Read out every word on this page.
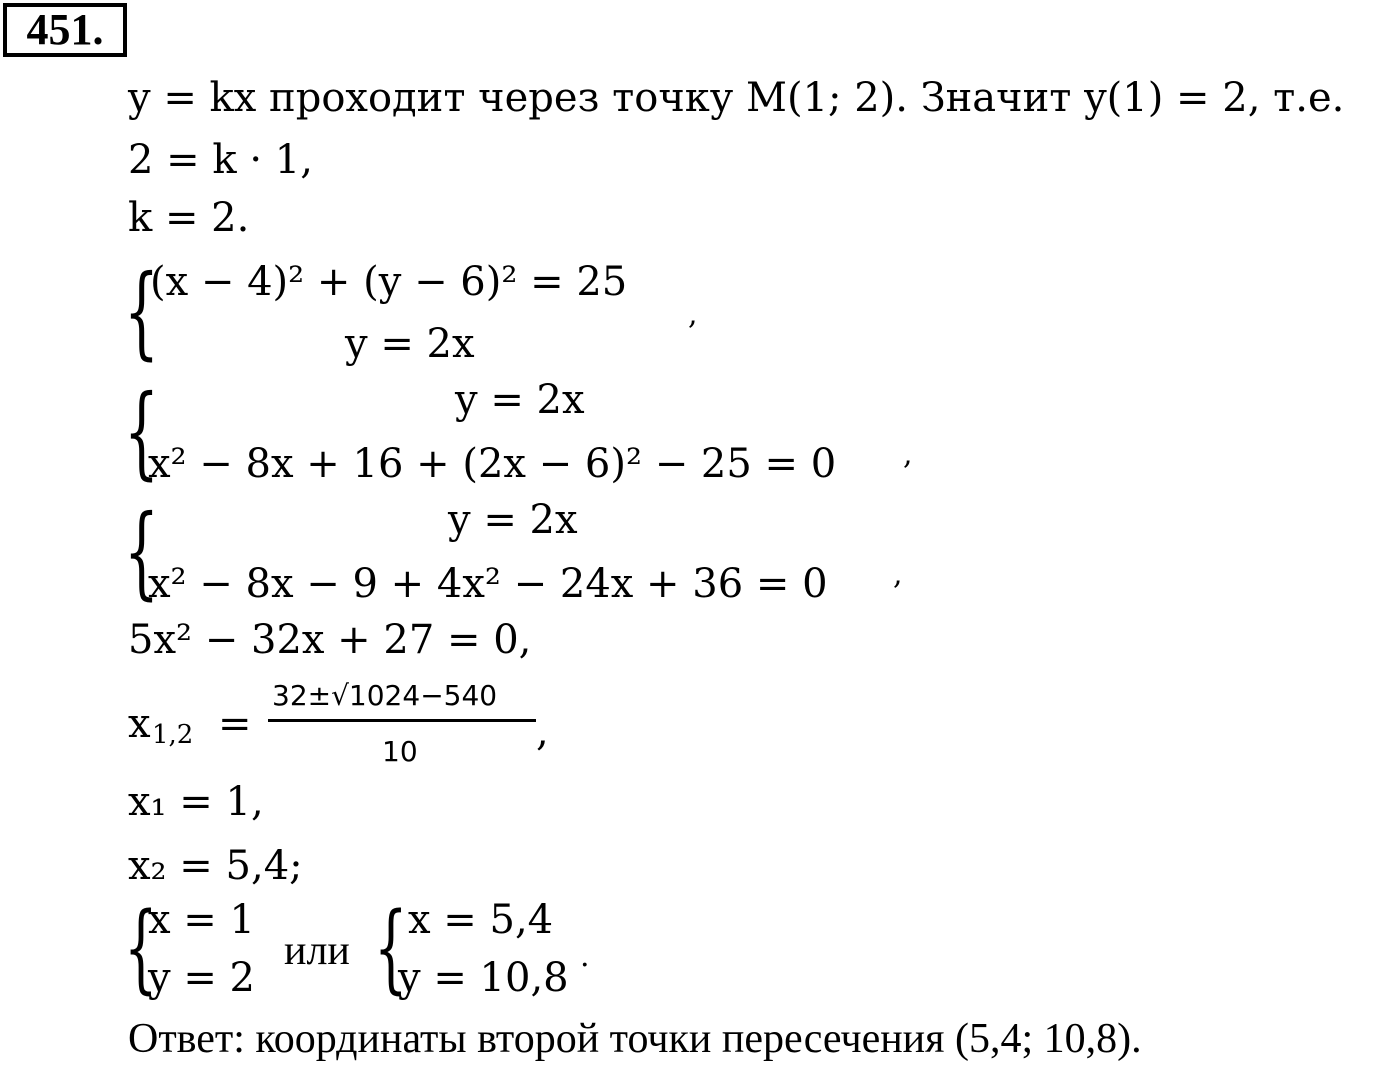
451.
y = kx проходит через точку M(1; 2). Значит y(1) = 2, т.е.
2 = k · 1,
k = 2.
{
(x − 4)² + (y − 6)² = 25
y = 2x
,
{	y = 2x
x² − 8x + 16 + (2x − 6)² − 25 = 0 ,
{	y = 2x
x² − 8x − 9 + 4x² − 24x + 36 = 0 ,
5x² − 32x + 27 = 0,
x 1,2 =
32±√1024−540
10	,
x₁ = 1,
x₂ = 5,4;
{
x = 1
y = 2
или { x = 5,4
y = 10,8 .
Ответ: координаты второй точки пересечения (5,4; 10,8).
